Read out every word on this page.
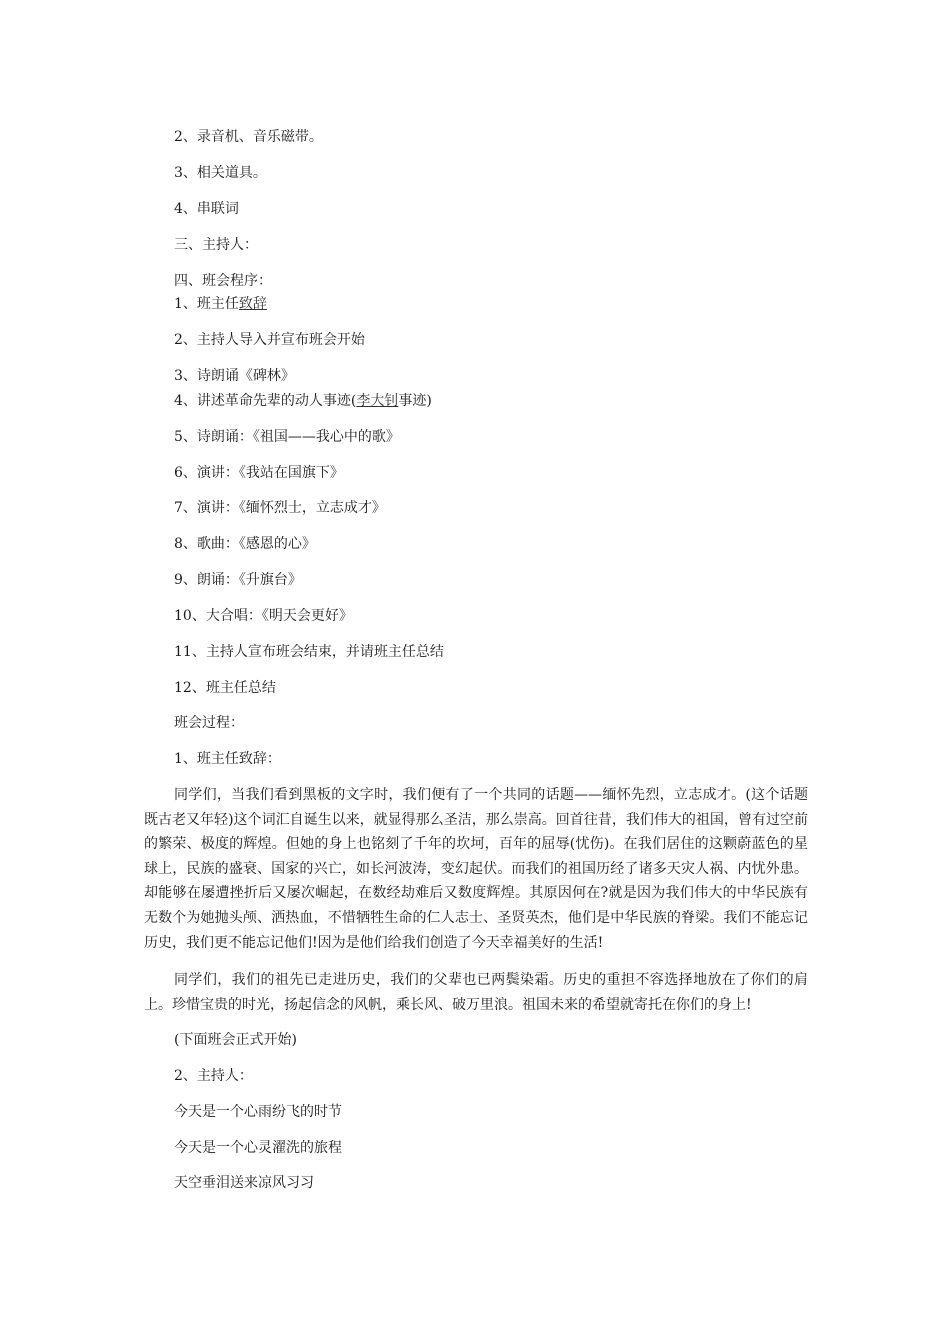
2、录音机、音乐磁带。

3、相关道具。

4、串联词

三、主持人：

四、班会程序：

1、班主任致辞

2、主持人导入并宣布班会开始

3、诗朗诵《碑林》

4、讲述革命先辈的动人事迹(李大钊事迹)

5、诗朗诵：《祖国——我心中的歌》

6、演讲：《我站在国旗下》

7、演讲：《缅怀烈士，立志成才》

8、歌曲：《感恩的心》

9、朗诵：《升旗台》

10、大合唱：《明天会更好》

11、主持人宣布班会结束，并请班主任总结

12、班主任总结

班会过程：

1、班主任致辞：

同学们，当我们看到黑板的文字时，我们便有了一个共同的话题——缅怀先烈，立志成才。(这个话题既古老又年轻)这个词汇自诞生以来，就显得那么圣洁，那么崇高。回首往昔，我们伟大的祖国，曾有过空前的繁荣、极度的辉煌。但她的身上也铭刻了千年的坎坷，百年的屈辱(忧伤)。在我们居住的这颗蔚蓝色的星球上，民族的盛衰、国家的兴亡，如长河波涛，变幻起伏。而我们的祖国历经了诸多天灾人祸、内忧外患。却能够在屡遭挫折后又屡次崛起，在数经劫难后又数度辉煌。其原因何在?就是因为我们伟大的中华民族有无数个为她抛头颅、洒热血，不惜牺牲生命的仁人志士、圣贤英杰，他们是中华民族的脊梁。我们不能忘记历史，我们更不能忘记他们!因为是他们给我们创造了今天幸福美好的生活!

同学们，我们的祖先已走进历史，我们的父辈也已两鬓染霜。历史的重担不容选择地放在了你们的肩上。珍惜宝贵的时光，扬起信念的风帆，乘长风、破万里浪。祖国未来的希望就寄托在你们的身上!

(下面班会正式开始)

2、主持人：

今天是一个心雨纷飞的时节

今天是一个心灵濯洗的旅程

天空垂泪送来凉风习习
